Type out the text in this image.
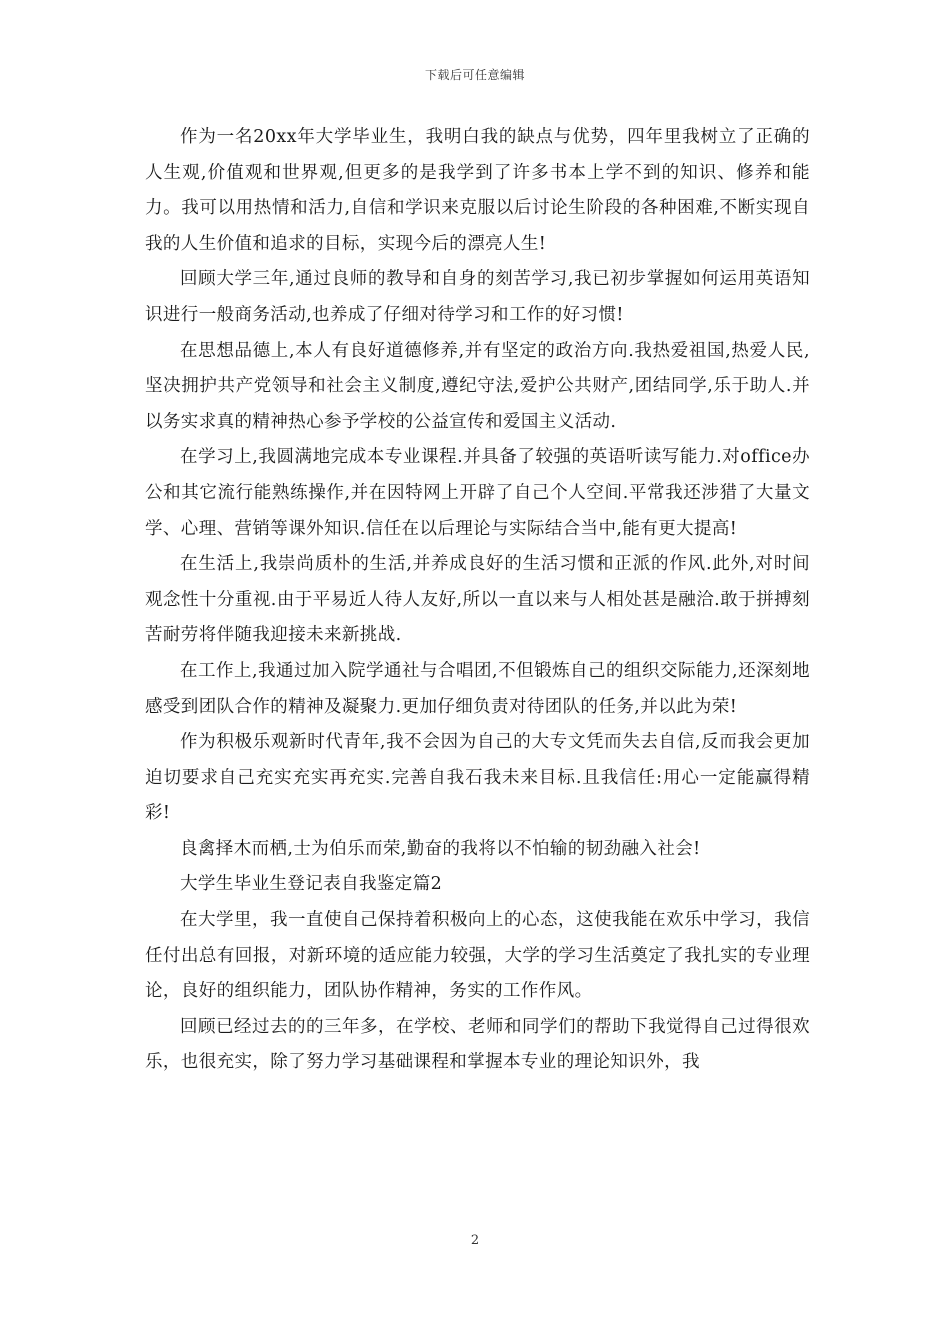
下载后可任意编辑

作为一名20xx年大学毕业生，我明白我的缺点与优势，四年里我树立了正确的人生观,价值观和世界观,但更多的是我学到了许多书本上学不到的知识、修养和能力。我可以用热情和活力,自信和学识来克服以后讨论生阶段的各种困难,不断实现自我的人生价值和追求的目标，实现今后的漂亮人生!

回顾大学三年,通过良师的教导和自身的刻苦学习,我已初步掌握如何运用英语知识进行一般商务活动,也养成了仔细对待学习和工作的好习惯!

在思想品德上,本人有良好道德修养,并有坚定的政治方向.我热爱祖国,热爱人民,坚决拥护共产党领导和社会主义制度,遵纪守法,爱护公共财产,团结同学,乐于助人.并以务实求真的精神热心参予学校的公益宣传和爱国主义活动.

在学习上,我圆满地完成本专业课程.并具备了较强的英语听读写能力.对office办公和其它流行能熟练操作,并在因特网上开辟了自己个人空间.平常我还涉猎了大量文学、心理、营销等课外知识.信任在以后理论与实际结合当中,能有更大提高!

在生活上,我崇尚质朴的生活,并养成良好的生活习惯和正派的作风.此外,对时间观念性十分重视.由于平易近人待人友好,所以一直以来与人相处甚是融洽.敢于拼搏刻苦耐劳将伴随我迎接未来新挑战.

在工作上,我通过加入院学通社与合唱团,不但锻炼自己的组织交际能力,还深刻地感受到团队合作的精神及凝聚力.更加仔细负责对待团队的任务,并以此为荣!

作为积极乐观新时代青年,我不会因为自己的大专文凭而失去自信,反而我会更加迫切要求自己充实充实再充实.完善自我石我未来目标.且我信任:用心一定能赢得精彩!

良禽择木而栖,士为伯乐而荣,勤奋的我将以不怕输的韧劲融入社会!

大学生毕业生登记表自我鉴定篇2

在大学里，我一直使自己保持着积极向上的心态，这使我能在欢乐中学习，我信任付出总有回报，对新环境的适应能力较强，大学的学习生活奠定了我扎实的专业理论，良好的组织能力，团队协作精神，务实的工作作风。

回顾已经过去的的三年多，在学校、老师和同学们的帮助下我觉得自己过得很欢乐，也很充实，除了努力学习基础课程和掌握本专业的理论知识外，我

2
